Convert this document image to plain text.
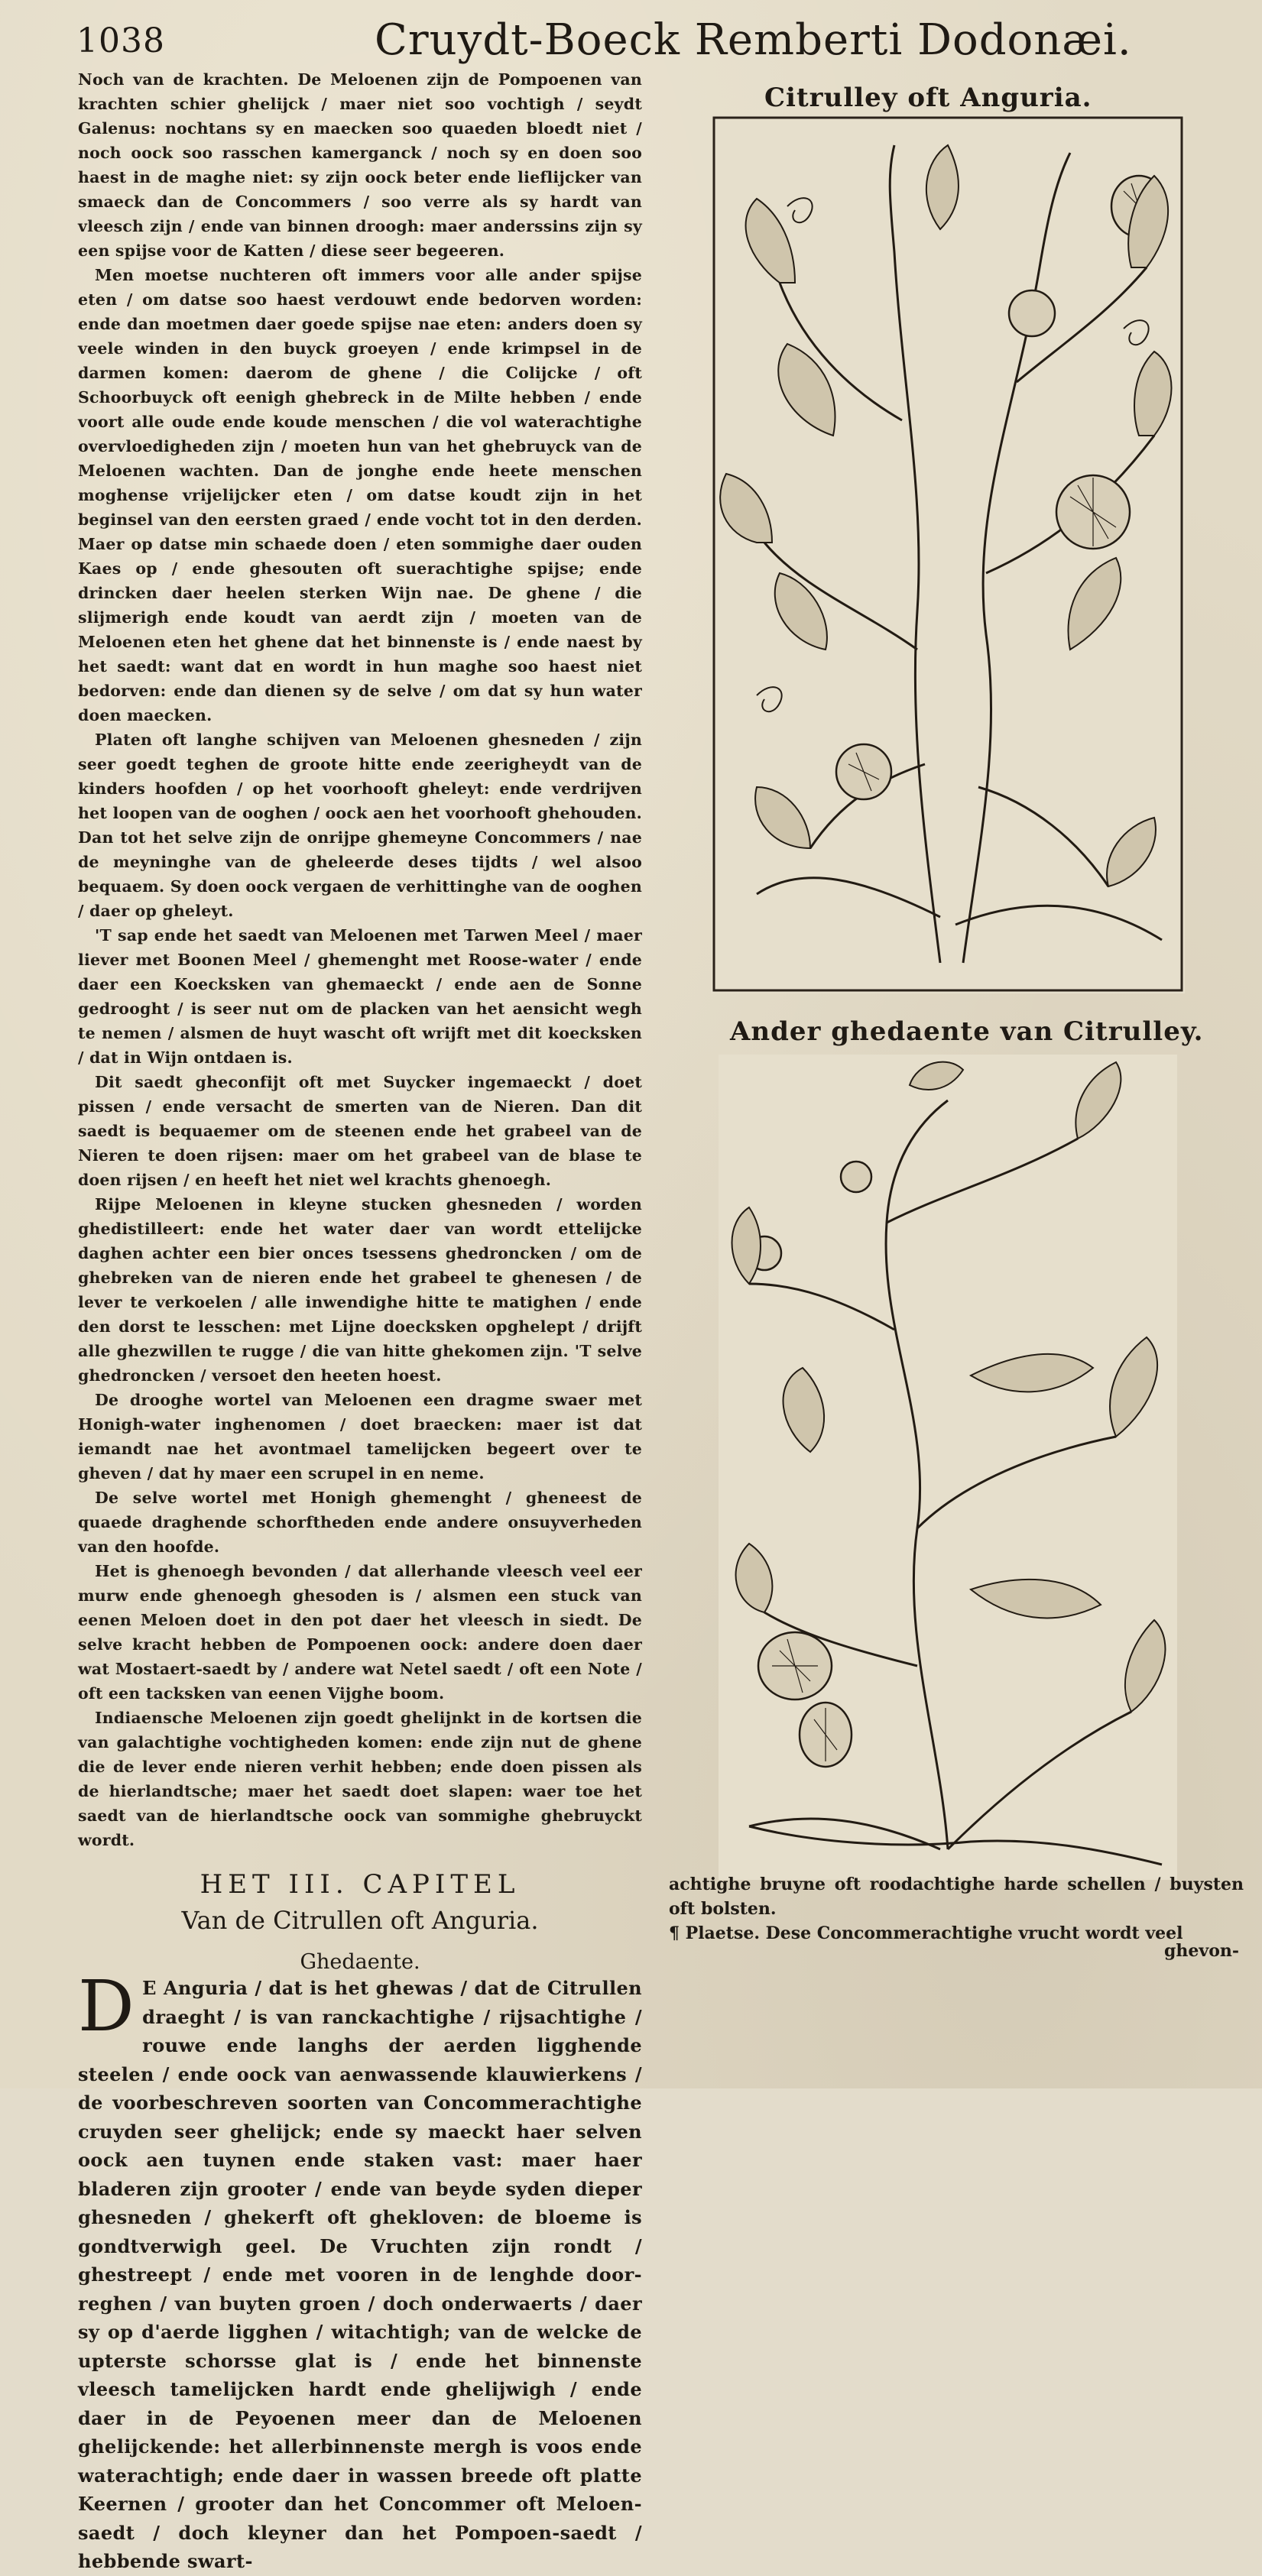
1038	Cruydt-Boeck Remberti Dodonæi.

Noch van de krachten. De Meloenen zijn de Pompoenen van krachten schier ghelijck / maer niet soo vochtigh / seydt Galenus: nochtans sy en maecken soo quaeden bloedt niet / noch oock soo rasschen kamerganck / noch sy en doen soo haest in de maghe niet: sy zijn oock beter ende lieflijcker van smaeck dan de Concommers / soo verre als sy hardt van vleesch zijn / ende van binnen droogh: maer anderssins zijn sy een spijse voor de Katten / diese seer begeeren.

Men moetse nuchteren oft immers voor alle ander spijse eten / om datse soo haest verdouwt ende bedorven worden: ende dan moetmen daer goede spijse nae eten: anders doen sy veele winden in den buyck groeyen / ende krimpsel in de darmen komen: daerom de ghene / die Colijcke / oft Schoorbuyck oft eenigh ghebreck in de Milte hebben / ende voort alle oude ende koude menschen / die vol waterachtighe overvloedigheden zijn / moeten hun van het ghebruyck van de Meloenen wachten. Dan de jonghe ende heete menschen moghense vrijelijcker eten / om datse koudt zijn in het beginsel van den eersten graed / ende vocht tot in den derden. Maer op datse min schaede doen / eten sommighe daer ouden Kaes op / ende ghesouten oft suerachtighe spijse; ende drincken daer heelen sterken Wijn nae. De ghene / die slijmerigh ende koudt van aerdt zijn / moeten van de Meloenen eten het ghene dat het binnenste is / ende naest by het saedt: want dat en wordt in hun maghe soo haest niet bedorven: ende dan dienen sy de selve / om dat sy hun water doen maecken.

Platen oft langhe schijven van Meloenen ghesneden / zijn seer goedt teghen de groote hitte ende zeerigheydt van de kinders hoofden / op het voorhooft gheleyt: ende verdrijven het loopen van de ooghen / oock aen het voorhooft ghehouden. Dan tot het selve zijn de onrijpe ghemeyne Concommers / nae de meyninghe van de gheleerde deses tijdts / wel alsoo bequaem. Sy doen oock vergaen de verhittinghe van de ooghen / daer op gheleyt.

'T sap ende het saedt van Meloenen met Tarwen Meel / maer liever met Boonen Meel / ghemenght met Roose-water / ende daer een Koecksken van ghemaeckt / ende aen de Sonne gedrooght / is seer nut om de placken van het aensicht wegh te nemen / alsmen de huyt wascht oft wrijft met dit koecksken / dat in Wijn ontdaen is.

Dit saedt gheconfijt oft met Suycker ingemaeckt / doet pissen / ende versacht de smerten van de Nieren. Dan dit saedt is bequaemer om de steenen ende het grabeel van de Nieren te doen rijsen: maer om het grabeel van de blase te doen rijsen / en heeft het niet wel krachts ghenoegh.

Rijpe Meloenen in kleyne stucken ghesneden / worden ghedistilleert: ende het water daer van wordt ettelijcke daghen achter een bier onces tsessens ghedroncken / om de ghebreken van de nieren ende het grabeel te ghenesen / de lever te verkoelen / alle inwendighe hitte te matighen / ende den dorst te lesschen: met Lijne doecksken opghelept / drijft alle ghezwillen te rugge / die van hitte ghekomen zijn. 'T selve ghedroncken / versoet den heeten hoest.

De drooghe wortel van Meloenen een dragme swaer met Honigh-water inghenomen / doet braecken: maer ist dat iemandt nae het avontmael tamelijcken begeert over te gheven / dat hy maer een scrupel in en neme.

De selve wortel met Honigh ghemenght / gheneest de quaede draghende schorftheden ende andere onsuyverheden van den hoofde.

Het is ghenoegh bevonden / dat allerhande vleesch veel eer murw ende ghenoegh ghesoden is / alsmen een stuck van eenen Meloen doet in den pot daer het vleesch in siedt. De selve kracht hebben de Pompoenen oock: andere doen daer wat Mostaert-saedt by / andere wat Netel saedt / oft een Note / oft een tacksken van eenen Vijghe boom.

Indiaensche Meloenen zijn goedt ghelijnkt in de kortsen die van galachtighe vochtigheden komen: ende zijn nut de ghene die de lever ende nieren verhit hebben; ende doen pissen als de hierlandtsche; maer het saedt doet slapen: waer toe het saedt van de hierlandtsche oock van sommighe ghebruyckt wordt.

HET III. CAPITEL
Van de Citrullen oft Anguria.
Ghedaente.

D E Anguria / dat is het ghewas / dat de Citrullen draeght / is van ranckachtighe / rijsachtighe / rouwe ende langhs der aerden ligghende steelen / ende oock van aenwassende klauwierkens / de voorbeschreven soorten van Concommerachtighe cruyden seer ghelijck; ende sy maeckt haer selven oock aen tuynen ende staken vast: maer haer bladeren zijn grooter / ende van beyde syden dieper ghesneden / ghekerft oft ghekloven: de bloeme is gondtverwigh geel. De Vruchten zijn rondt / ghestreept / ende met vooren in de lenghde door-reghen / van buyten groen / doch onderwaerts / daer sy op d'aerde ligghen / witachtigh; van de welcke de upterste schorsse glat is / ende het binnenste vleesch tamelijcken hardt ende ghelijwigh / ende daer in de Peyoenen meer dan de Meloenen ghelijckende: het allerbinnenste mergh is voos ende waterachtigh; ende daer in wassen breede oft platte Keernen / grooter dan het Concommer oft Meloen-saedt / doch kleyner dan het Pompoen-saedt / hebbende swart-

Citrulley oft Anguria.
Ander ghedaente van Citrulley.

achtighe bruyne oft roodachtighe harde schellen / buysten oft bolsten.

¶ Plaetse. Dese Concommerachtighe vrucht wordt veel

ghevon-
